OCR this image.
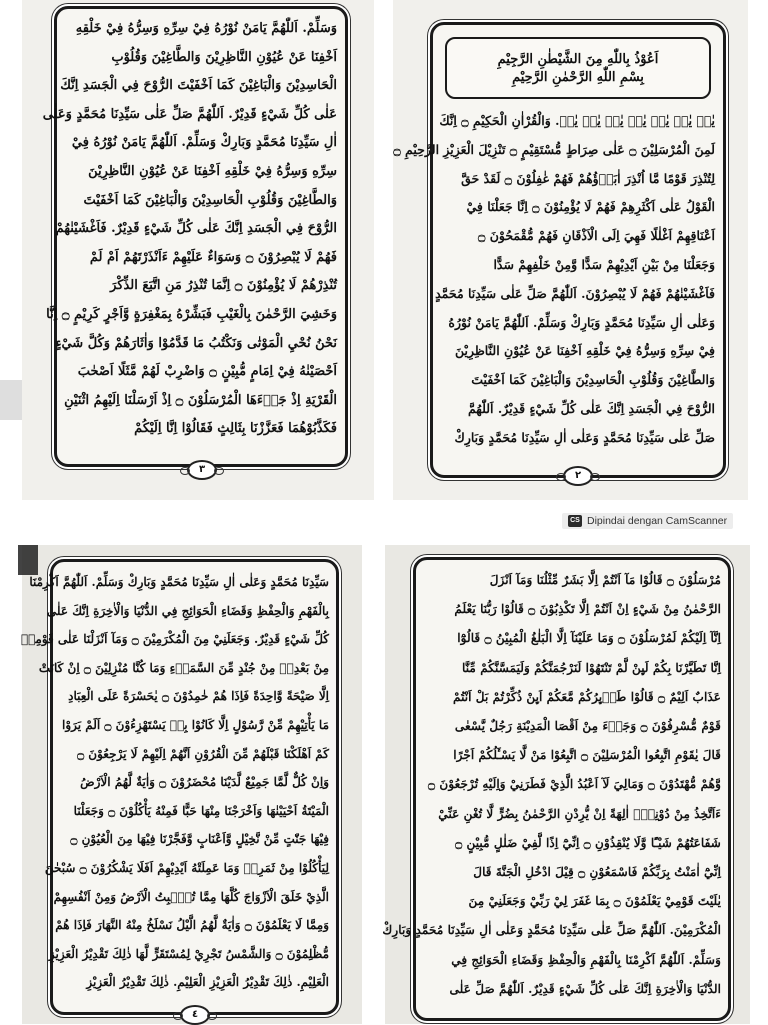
وَسَلِّمْ. اَللّٰهُمَّ يَامَنْ نُوْرُهُ فِيْ سِرِّهِ وَسِرُّهُ فِيْ خَلْقِهِ
اَخْفِنَا عَنْ عُيُوْنِ النَّاظِرِيْنَ وَالطَّاغِيْنَ وَقُلُوْبِ
الْحَاسِدِيْنَ وَالْبَاغِيْنَ كَمَا اَخْفَيْتَ الرُّوْحَ فِي الْجَسَدِ اِنَّكَ
عَلٰى كُلِّ شَيْءٍ قَدِيْرٌ. اَللّٰهُمَّ صَلِّ عَلٰى سَيِّدِنَا مُحَمَّدٍ وَعَلٰى
اٰلِ سَيِّدِنَا مُحَمَّدٍ وَبَارِكْ وَسَلِّمْ. اَللّٰهُمَّ يَامَنْ نُوْرُهُ فِيْ
سِرِّهِ وَسِرُّهُ فِيْ خَلْقِهِ اَخْفِنَا عَنْ عُيُوْنِ النَّاظِرِيْنَ
وَالطَّاغِيْنَ وَقُلُوْبِ الْحَاسِدِيْنَ وَالْبَاغِيْنَ كَمَا اَخْفَيْتَ
الرُّوْحَ فِي الْجَسَدِ اِنَّكَ عَلٰى كُلِّ شَيْءٍ قَدِيْرٌ. فَاَغْشَيْنٰهُمْ
فَهُمْ لَا يُبْصِرُوْنَ ۝ وَسَوَاءٌ عَلَيْهِمْ ءَاَنْذَرْتَهُمْ اَمْ لَمْ
تُنْذِرْهُمْ لَا يُؤْمِنُوْنَ ۝ اِنَّمَا تُنْذِرُ مَنِ اتَّبَعَ الذِّكْرَ
وَخَشِيَ الرَّحْمٰنَ بِالْغَيْبِ فَبَشِّرْهُ بِمَغْفِرَةٍ وَّاَجْرٍ كَرِيْمٍ ۝ اِنَّا
نَحْنُ نُحْيِ الْمَوْتٰى وَنَكْتُبُ مَا قَدَّمُوْا وَاٰثَارَهُمْ وَكُلَّ شَيْءٍ
اَحْصَيْنٰهُ فِيْ اِمَامٍ مُّبِيْنٍ ۝ وَاضْرِبْ لَهُمْ مَّثَلًا اَصْحٰبَ
الْقَرْيَةِ اِذْ جَاۤءَهَا الْمُرْسَلُوْنَ ۝ اِذْ اَرْسَلْنَا اِلَيْهِمُ اثْنَيْنِ
فَكَذَّبُوْهُمَا فَعَزَّزْنَا بِثَالِثٍ فَقَالُوْا اِنَّا اِلَيْكُمْ
٣
اَعُوْذُ بِاللّٰهِ مِنَ الشَّيْطٰنِ الرَّجِيْمِ
بِسْمِ اللّٰهِ الرَّحْمٰنِ الرَّحِيْمِ
يٰسۤ يٰسۤ يٰسۤ يٰسۤ يٰسۤ يٰسۤ يٰسۤ. وَالْقُرْاٰنِ الْحَكِيْمِ ۝ اِنَّكَ
لَمِنَ الْمُرْسَلِيْنَ ۝ عَلٰى صِرَاطٍ مُّسْتَقِيْمٍ ۝ تَنْزِيْلَ الْعَزِيْزِ الرَّحِيْمِ ۝
لِتُنْذِرَ قَوْمًا مَّا اُنْذِرَ اٰبَاۤؤُهُمْ فَهُمْ غٰفِلُوْنَ ۝ لَقَدْ حَقَّ
الْقَوْلُ عَلٰى اَكْثَرِهِمْ فَهُمْ لَا يُؤْمِنُوْنَ ۝ اِنَّا جَعَلْنَا فِيْ
اَعْنَاقِهِمْ اَغْلٰلًا فَهِيَ اِلَى الْاَذْقَانِ فَهُمْ مُّقْمَحُوْنَ ۝
وَجَعَلْنَا مِنْ بَيْنِ اَيْدِيْهِمْ سَدًّا وَّمِنْ خَلْفِهِمْ سَدًّا
فَاَغْشَيْنٰهُمْ فَهُمْ لَا يُبْصِرُوْنَ. اَللّٰهُمَّ صَلِّ عَلٰى سَيِّدِنَا مُحَمَّدٍ
وَعَلٰى اٰلِ سَيِّدِنَا مُحَمَّدٍ وَبَارِكْ وَسَلِّمْ. اَللّٰهُمَّ يَامَنْ نُوْرُهُ
فِيْ سِرِّهِ وَسِرُّهُ فِيْ خَلْقِهِ اَخْفِنَا عَنْ عُيُوْنِ النَّاظِرِيْنَ
وَالطَّاغِيْنَ وَقُلُوْبِ الْحَاسِدِيْنَ وَالْبَاغِيْنَ كَمَا اَخْفَيْتَ
الرُّوْحَ فِي الْجَسَدِ اِنَّكَ عَلٰى كُلِّ شَيْءٍ قَدِيْرٌ. اَللّٰهُمَّ
صَلِّ عَلٰى سَيِّدِنَا مُحَمَّدٍ وَعَلٰى اٰلِ سَيِّدِنَا مُحَمَّدٍ وَبَارِكْ
٢
CS Dipindai dengan CamScanner
سَيِّدِنَا مُحَمَّدٍ وَعَلٰى اٰلِ سَيِّدِنَا مُحَمَّدٍ وَبَارِكْ وَسَلِّمْ. اَللّٰهُمَّ اَكْرِمْنَا
بِالْفَهْمِ وَالْحِفْظِ وَقَضَاءِ الْحَوَائِجِ فِي الدُّنْيَا وَالْاٰخِرَةِ اِنَّكَ عَلٰى
كُلِّ شَيْءٍ قَدِيْرٌ. وَجَعَلَنِيْ مِنَ الْمُكْرَمِيْنَ ۝ وَمَآ اَنْزَلْنَا عَلٰى قَوْمِهٖ
مِنْ بَعْدِهٖ مِنْ جُنْدٍ مِّنَ السَّمَاۤءِ وَمَا كُنَّا مُنْزِلِيْنَ ۝ اِنْ كَانَتْ
اِلَّا صَيْحَةً وَّاحِدَةً فَاِذَا هُمْ خٰمِدُوْنَ ۝ يٰحَسْرَةً عَلَى الْعِبَادِ
مَا يَأْتِيْهِمْ مِّنْ رَّسُوْلٍ اِلَّا كَانُوْا بِهٖ يَسْتَهْزِءُوْنَ ۝ اَلَمْ يَرَوْا
كَمْ اَهْلَكْنَا قَبْلَهُمْ مِّنَ الْقُرُوْنِ اَنَّهُمْ اِلَيْهِمْ لَا يَرْجِعُوْنَ ۝
وَاِنْ كُلٌّ لَّمَّا جَمِيْعٌ لَّدَيْنَا مُحْضَرُوْنَ ۝ وَاٰيَةٌ لَّهُمُ الْاَرْضُ
الْمَيْتَةُ اَحْيَيْنٰهَا وَاَخْرَجْنَا مِنْهَا حَبًّا فَمِنْهُ يَأْكُلُوْنَ ۝ وَجَعَلْنَا
فِيْهَا جَنّٰتٍ مِّنْ نَّخِيْلٍ وَّاَعْنَابٍ وَّفَجَّرْنَا فِيْهَا مِنَ الْعُيُوْنِ ۝
لِيَأْكُلُوْا مِنْ ثَمَرِهٖ وَمَا عَمِلَتْهُ اَيْدِيْهِمْ اَفَلَا يَشْكُرُوْنَ ۝ سُبْحٰنَ
الَّذِيْ خَلَقَ الْاَزْوَاجَ كُلَّهَا مِمَّا تُنْۢبِتُ الْاَرْضُ وَمِنْ اَنْفُسِهِمْ
وَمِمَّا لَا يَعْلَمُوْنَ ۝ وَاٰيَةٌ لَّهُمُ الَّيْلُ نَسْلَخُ مِنْهُ النَّهَارَ فَاِذَا هُمْ
مُّظْلِمُوْنَ ۝ وَالشَّمْسُ تَجْرِيْ لِمُسْتَقَرٍّ لَّهَا ذٰلِكَ تَقْدِيْرُ الْعَزِيْزِ
الْعَلِيْمِ. ذٰلِكَ تَقْدِيْرُ الْعَزِيْزِ الْعَلِيْمِ. ذٰلِكَ تَقْدِيْرُ الْعَزِيْزِ
٤
مُرْسَلُوْنَ ۝ قَالُوْا مَآ اَنْتُمْ اِلَّا بَشَرٌ مِّثْلُنَا وَمَآ اَنْزَلَ
الرَّحْمٰنُ مِنْ شَيْءٍ اِنْ اَنْتُمْ اِلَّا تَكْذِبُوْنَ ۝ قَالُوْا رَبُّنَا يَعْلَمُ
اِنَّآ اِلَيْكُمْ لَمُرْسَلُوْنَ ۝ وَمَا عَلَيْنَآ اِلَّا الْبَلٰغُ الْمُبِيْنُ ۝ قَالُوْٓا
اِنَّا تَطَيَّرْنَا بِكُمْ لَىِٕنْ لَّمْ تَنْتَهُوْا لَنَرْجُمَنَّكُمْ وَلَيَمَسَّنَّكُمْ مِّنَّا
عَذَابٌ اَلِيْمٌ ۝ قَالُوْا طَاۤىِٕرُكُمْ مَّعَكُمْ اَىِٕنْ ذُكِّرْتُمْ بَلْ اَنْتُمْ
قَوْمٌ مُّسْرِفُوْنَ ۝ وَجَاۤءَ مِنْ اَقْصَا الْمَدِيْنَةِ رَجُلٌ يَّسْعٰى
قَالَ يٰقَوْمِ اتَّبِعُوا الْمُرْسَلِيْنَ ۝ اتَّبِعُوْا مَنْ لَّا يَسْـَٔلُكُمْ اَجْرًا
وَّهُمْ مُّهْتَدُوْنَ ۝ وَمَالِيَ لَآ اَعْبُدُ الَّذِيْ فَطَرَنِيْ وَاِلَيْهِ تُرْجَعُوْنَ ۝
ءَاَتَّخِذُ مِنْ دُوْنِهٖٓ اٰلِهَةً اِنْ يُّرِدْنِ الرَّحْمٰنُ بِضُرٍّ لَّا تُغْنِ عَنِّيْ
شَفَاعَتُهُمْ شَيْـًٔا وَّلَا يُنْقِذُوْنِ ۝ اِنِّيْٓ اِذًا لَّفِيْ ضَلٰلٍ مُّبِيْنٍ ۝
اِنِّيْٓ اٰمَنْتُ بِرَبِّكُمْ فَاسْمَعُوْنِ ۝ قِيْلَ ادْخُلِ الْجَنَّةَ قَالَ
يٰلَيْتَ قَوْمِيْ يَعْلَمُوْنَ ۝ بِمَا غَفَرَ لِيْ رَبِّيْ وَجَعَلَنِيْ مِنَ
الْمُكْرَمِيْنَ. اَللّٰهُمَّ صَلِّ عَلٰى سَيِّدِنَا مُحَمَّدٍ وَعَلٰى اٰلِ سَيِّدِنَا مُحَمَّدٍ وَبَارِكْ
وَسَلِّمْ. اَللّٰهُمَّ اَكْرِمْنَا بِالْفَهْمِ وَالْحِفْظِ وَقَضَاءِ الْحَوَائِجِ فِي
الدُّنْيَا وَالْاٰخِرَةِ اِنَّكَ عَلٰى كُلِّ شَيْءٍ قَدِيْرٌ. اَللّٰهُمَّ صَلِّ عَلٰى
